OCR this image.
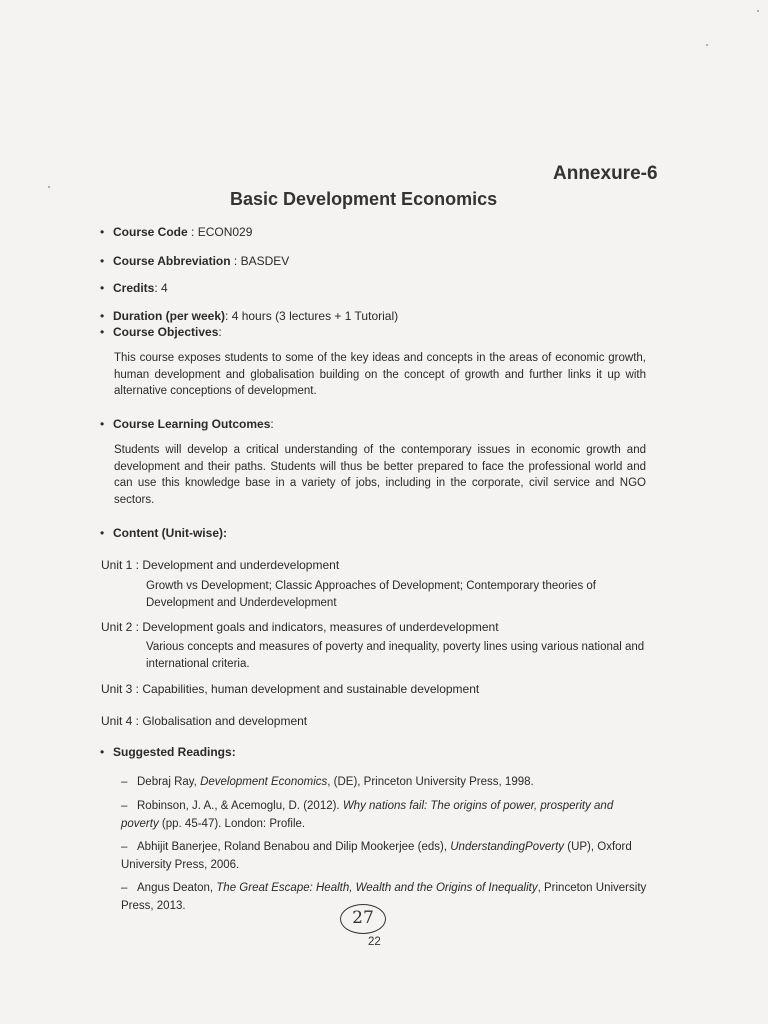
Annexure-6
Basic Development Economics
• Course Code : ECON029
• Course Abbreviation : BASDEV
• Credits: 4
• Duration (per week): 4 hours (3 lectures + 1 Tutorial)
• Course Objectives:
This course exposes students to some of the key ideas and concepts in the areas of economic growth, human development and globalisation building on the concept of growth and further links it up with alternative conceptions of development.
• Course Learning Outcomes:
Students will develop a critical understanding of the contemporary issues in economic growth and development and their paths. Students will thus be better prepared to face the professional world and can use this knowledge base in a variety of jobs, including in the corporate, civil service and NGO sectors.
• Content (Unit-wise):
Unit 1 : Development and underdevelopment
Growth vs Development; Classic Approaches of Development; Contemporary theories of Development and Underdevelopment
Unit 2 : Development goals and indicators, measures of underdevelopment
Various concepts and measures of poverty and inequality, poverty lines using various national and international criteria.
Unit 3 : Capabilities, human development and sustainable development
Unit 4 : Globalisation and development
• Suggested Readings:
– Debraj Ray, Development Economics, (DE), Princeton University Press, 1998.
– Robinson, J. A., & Acemoglu, D. (2012). Why nations fail: The origins of power, prosperity and poverty (pp. 45-47). London: Profile.
– Abhijit Banerjee, Roland Benabou and Dilip Mookerjee (eds), UnderstandingPoverty (UP), Oxford University Press, 2006.
– Angus Deaton, The Great Escape: Health, Wealth and the Origins of Inequality, Princeton University Press, 2013.
27
22
